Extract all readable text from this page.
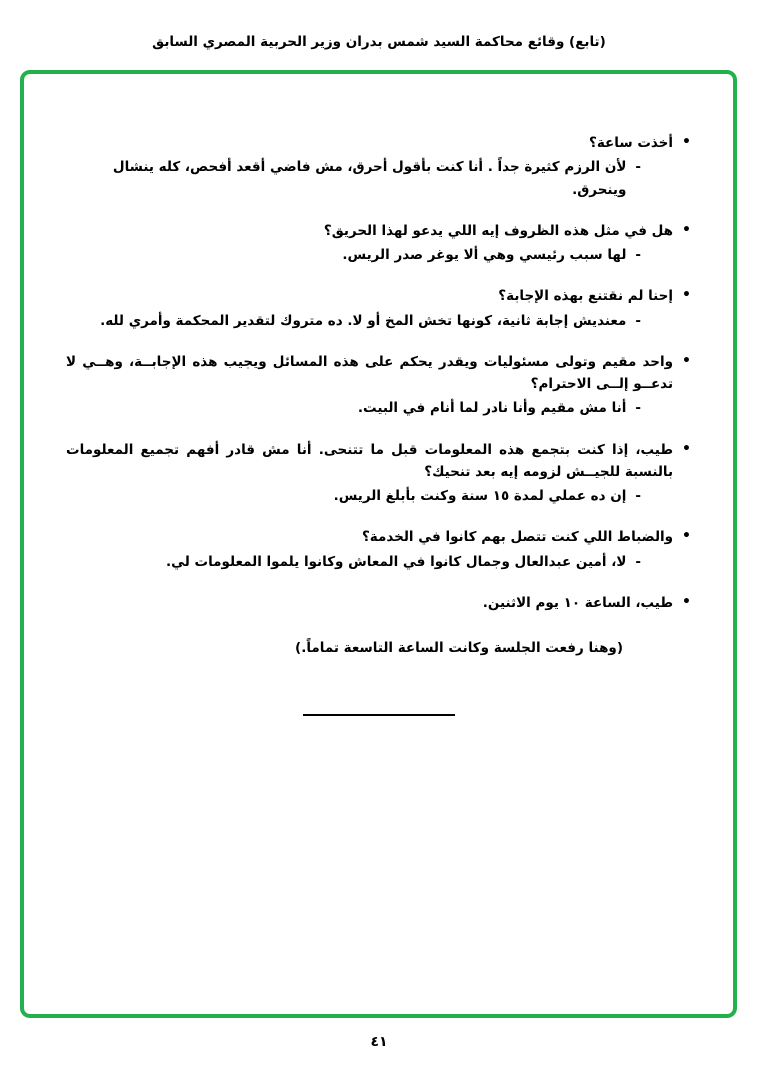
(تابع) وقائع محاكمة السيد شمس بدران وزير الحربية المصري السابق
•
أخذت ساعة؟
-
لأن الرزم كثيرة جداً . أنا كنت بأقول أحرق، مش فاضي أقعد أفحص، كله ينشال وينحرق.
•
هل في مثل هذه الظروف إيه اللي يدعو لهذا الحريق؟
-
لها سبب رئيسي وهي ألا يوغر صدر الريس.
•
إحنا لم نقتنع بهذه الإجابة؟
-
معنديش إجابة ثانية، كونها تخش المخ أو لا. ده متروك لتقدير المحكمة وأمري لله.
•
واحد مقيم وتولى مسئوليات ويقدر يحكم على هذه المسائل ويجيب هذه الإجابــة، وهــي لا تدعــو إلــى الاحترام؟
-
أنا مش مقيم وأنا نادر لما أنام في البيت.
•
طيب، إذا كنت بتجمع هذه المعلومات قبل ما تتنحى. أنا مش قادر أفهم تجميع المعلومات بالنسبة للجيــش لزومه إيه بعد تنحيك؟
-
إن ده عملي لمدة ١٥ سنة وكنت بأبلغ الريس.
•
والضباط اللي كنت تتصل بهم كانوا في الخدمة؟
-
لا، أمين عبدالعال وجمال كانوا في المعاش وكانوا يلموا المعلومات لي.
•
طيب، الساعة ١٠ يوم الاثنين.
(وهنا رفعت الجلسة وكانت الساعة التاسعة تماماً.)
٤١
